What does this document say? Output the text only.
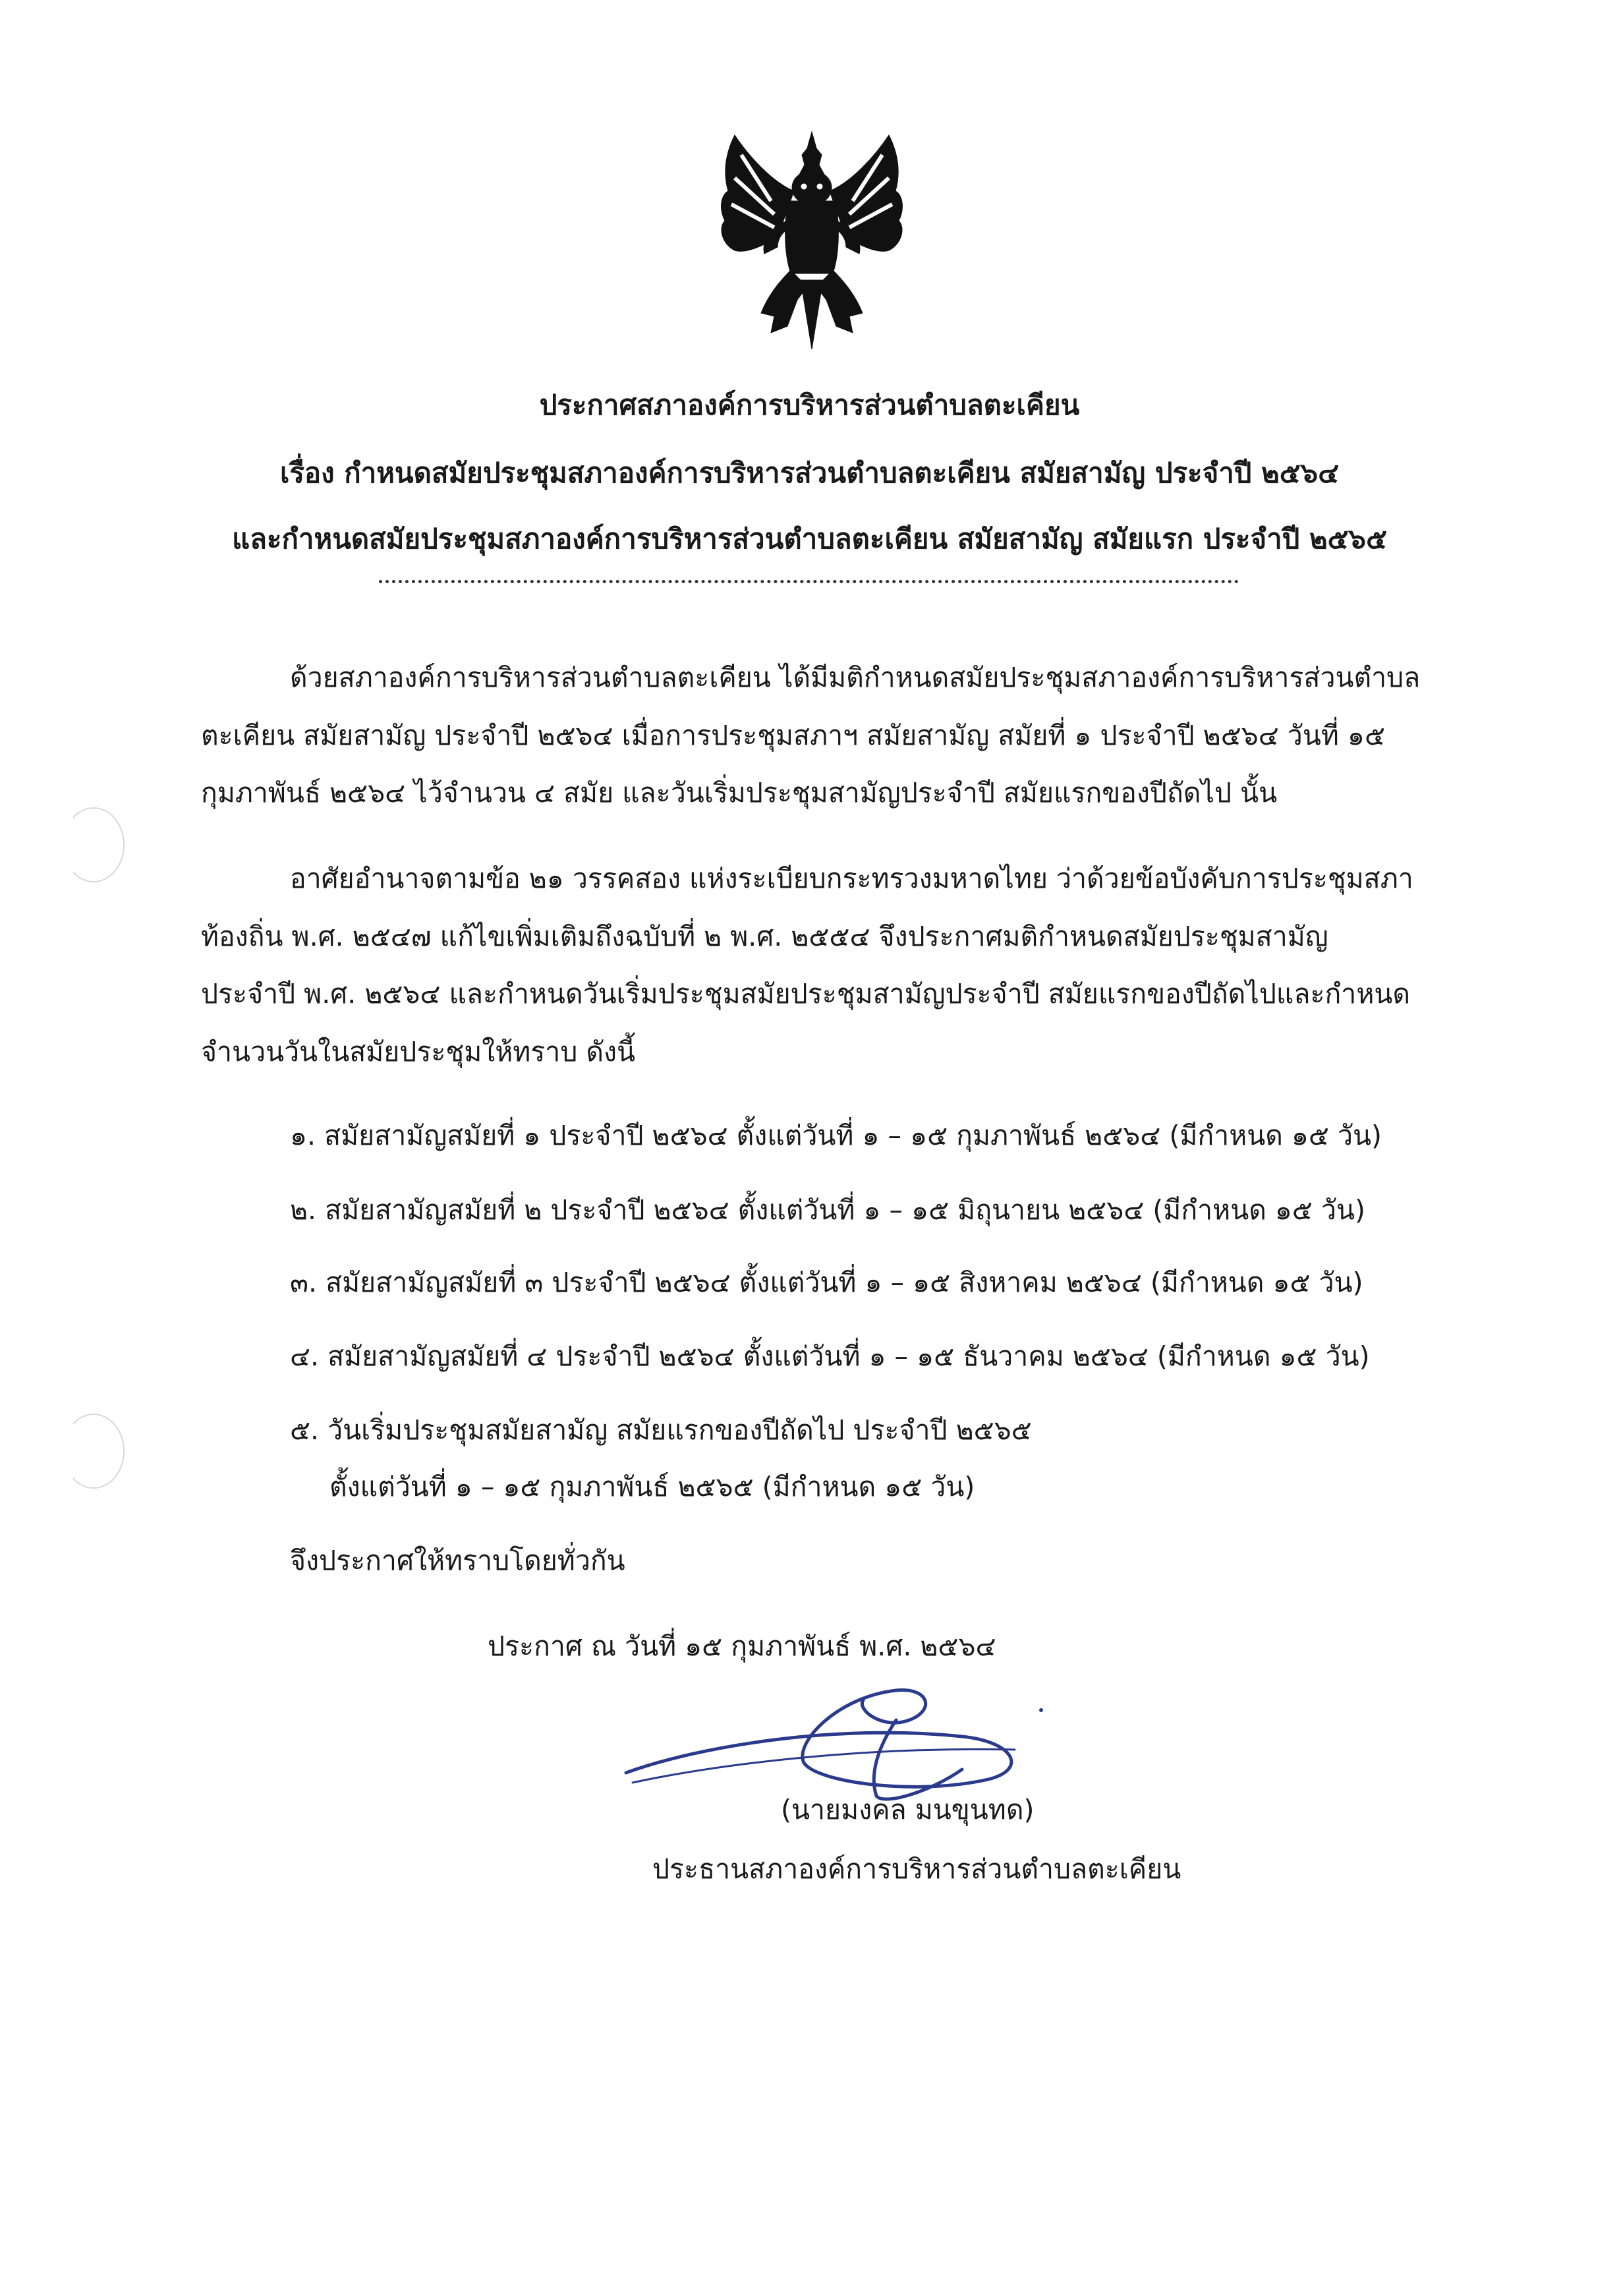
ประกาศสภาองค์การบริหารส่วนตำบลตะเคียน
เรื่อง กำหนดสมัยประชุมสภาองค์การบริหารส่วนตำบลตะเคียน สมัยสามัญ ประจำปี ๒๕๖๔
และกำหนดสมัยประชุมสภาองค์การบริหารส่วนตำบลตะเคียน สมัยสามัญ สมัยแรก ประจำปี ๒๕๖๕
ด้วยสภาองค์การบริหารส่วนตำบลตะเคียน ได้มีมติกำหนดสมัยประชุมสภาองค์การบริหารส่วนตำบล
ตะเคียน สมัยสามัญ ประจำปี ๒๕๖๔ เมื่อการประชุมสภาฯ สมัยสามัญ สมัยที่ ๑ ประจำปี ๒๕๖๔ วันที่ ๑๕
กุมภาพันธ์ ๒๕๖๔ ไว้จำนวน ๔ สมัย และวันเริ่มประชุมสามัญประจำปี สมัยแรกของปีถัดไป นั้น
อาศัยอำนาจตามข้อ ๒๑ วรรคสอง แห่งระเบียบกระทรวงมหาดไทย ว่าด้วยข้อบังคับการประชุมสภา
ท้องถิ่น พ.ศ. ๒๕๔๗ แก้ไขเพิ่มเติมถึงฉบับที่ ๒ พ.ศ. ๒๕๕๔ จึงประกาศมติกำหนดสมัยประชุมสามัญ
ประจำปี พ.ศ. ๒๕๖๔ และกำหนดวันเริ่มประชุมสมัยประชุมสามัญประจำปี สมัยแรกของปีถัดไปและกำหนด
จำนวนวันในสมัยประชุมให้ทราบ ดังนี้
๑. สมัยสามัญสมัยที่ ๑ ประจำปี ๒๕๖๔ ตั้งแต่วันที่ ๑ – ๑๕ กุมภาพันธ์ ๒๕๖๔ (มีกำหนด ๑๕ วัน)
๒. สมัยสามัญสมัยที่ ๒ ประจำปี ๒๕๖๔ ตั้งแต่วันที่ ๑ – ๑๕ มิถุนายน ๒๕๖๔ (มีกำหนด ๑๕ วัน)
๓. สมัยสามัญสมัยที่ ๓ ประจำปี ๒๕๖๔ ตั้งแต่วันที่ ๑ – ๑๕ สิงหาคม ๒๕๖๔ (มีกำหนด ๑๕ วัน)
๔. สมัยสามัญสมัยที่ ๔ ประจำปี ๒๕๖๔ ตั้งแต่วันที่ ๑ – ๑๕ ธันวาคม ๒๕๖๔ (มีกำหนด ๑๕ วัน)
๕. วันเริ่มประชุมสมัยสามัญ สมัยแรกของปีถัดไป ประจำปี ๒๕๖๕
ตั้งแต่วันที่ ๑ – ๑๕ กุมภาพันธ์ ๒๕๖๕ (มีกำหนด ๑๕ วัน)
จึงประกาศให้ทราบโดยทั่วกัน
ประกาศ ณ วันที่ ๑๕ กุมภาพันธ์ พ.ศ. ๒๕๖๔
(นายมงคล มนขุนทด)
ประธานสภาองค์การบริหารส่วนตำบลตะเคียน
